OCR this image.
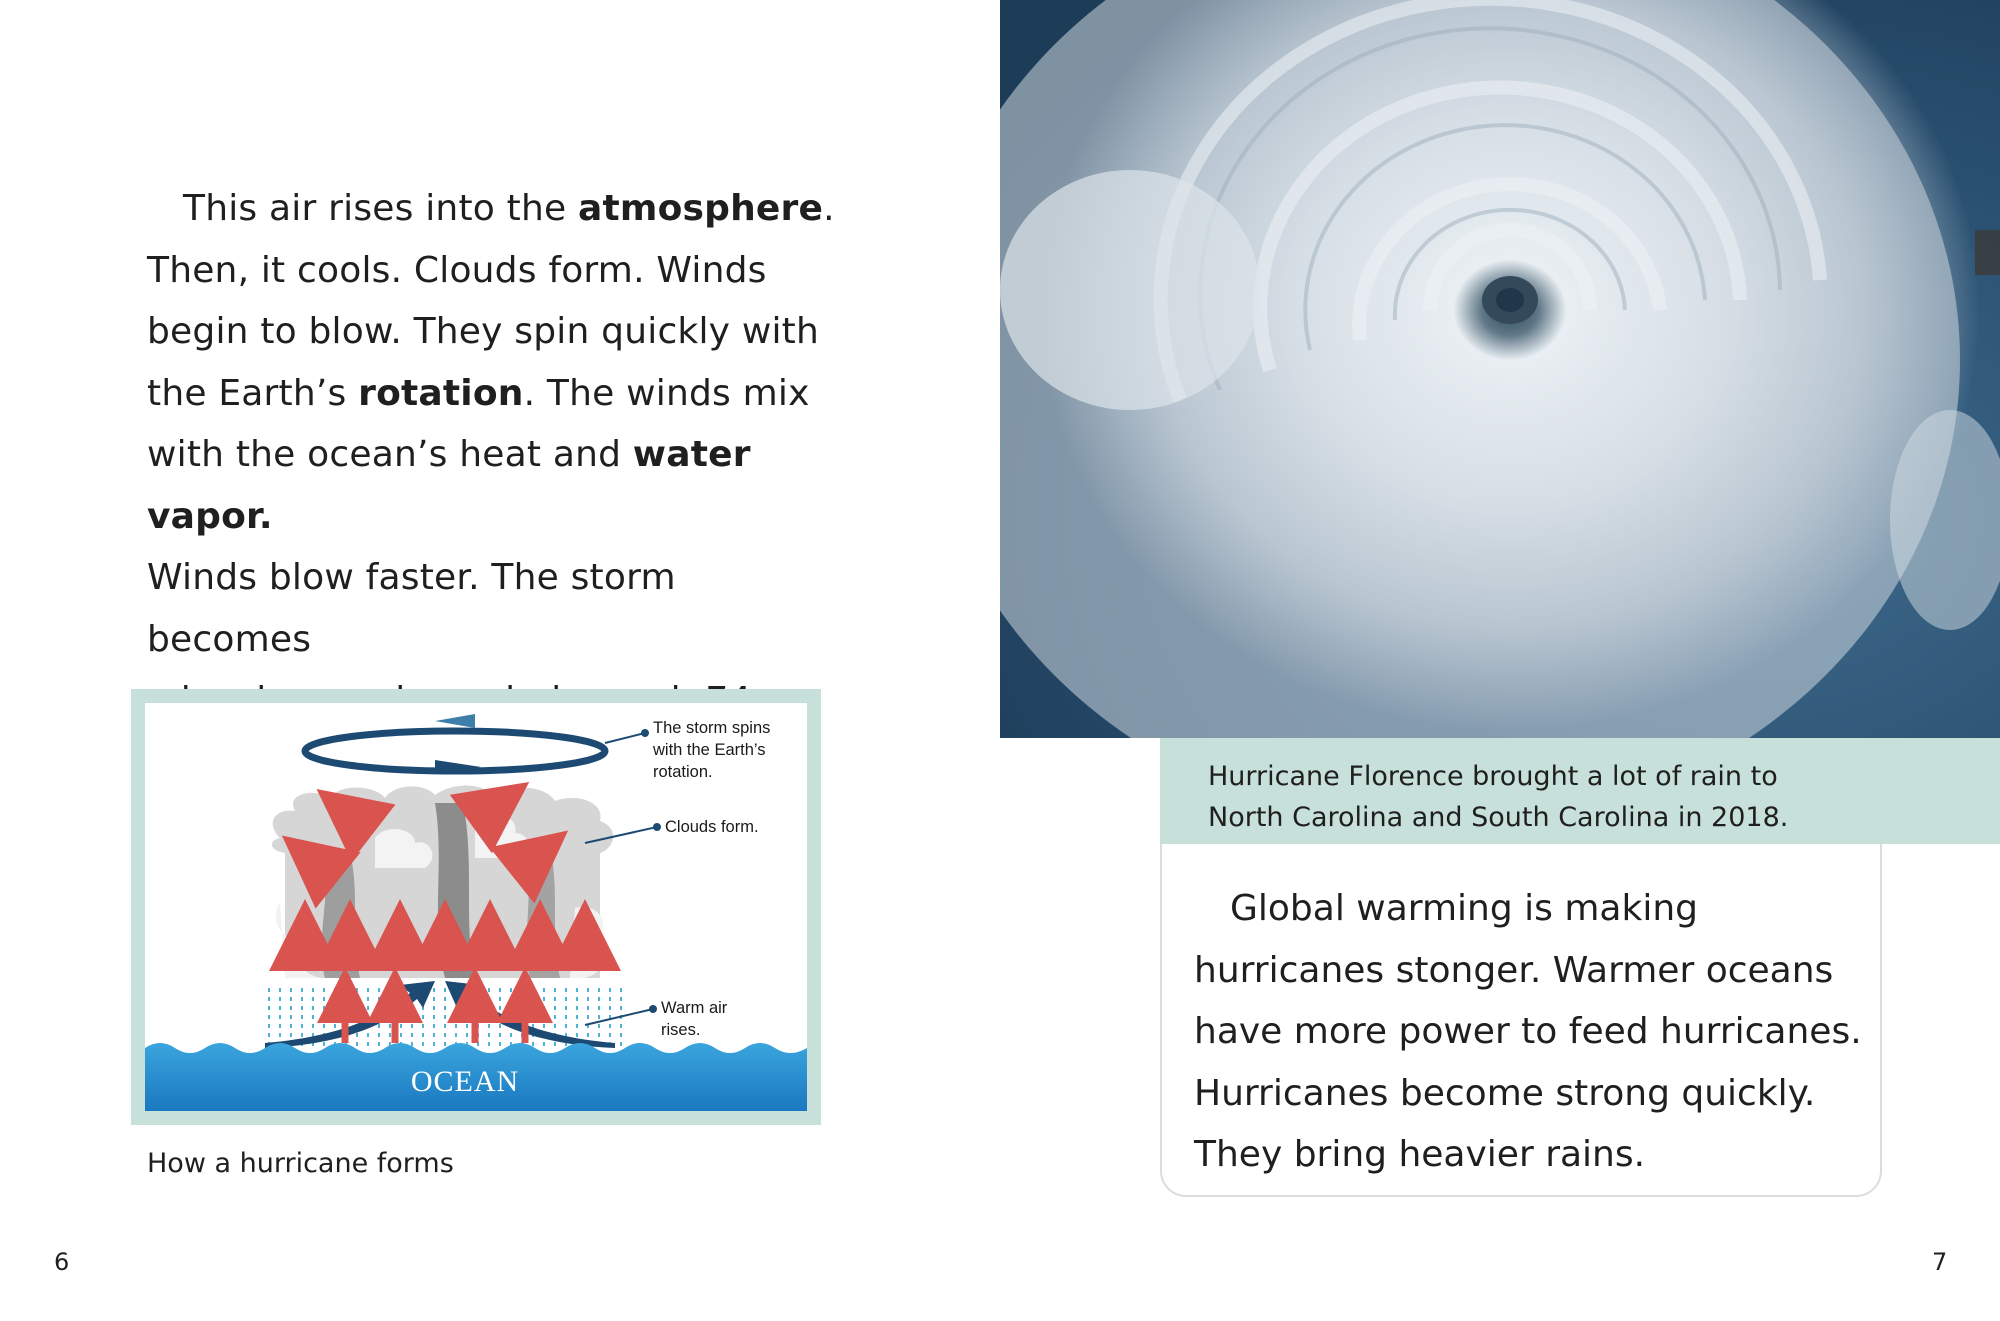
This air rises into the atmosphere.

Then, it cools. Clouds form. Winds

begin to blow. They spin quickly with

the Earth’s rotation. The winds mix

with the ocean’s heat and water vapor.

Winds blow faster. The storm becomes

The storm spins
with the Earth’s
rotation.
Clouds form.
Warm air
rises.
OCEAN
How a hurricane forms
6

Hurricane Florence brought a lot of rain to

North Carolina and South Carolina in 2018.

Global warming is making

hurricanes stonger. Warmer oceans

have more power to feed hurricanes.

Hurricanes become strong quickly.

They bring heavier rains.

7
